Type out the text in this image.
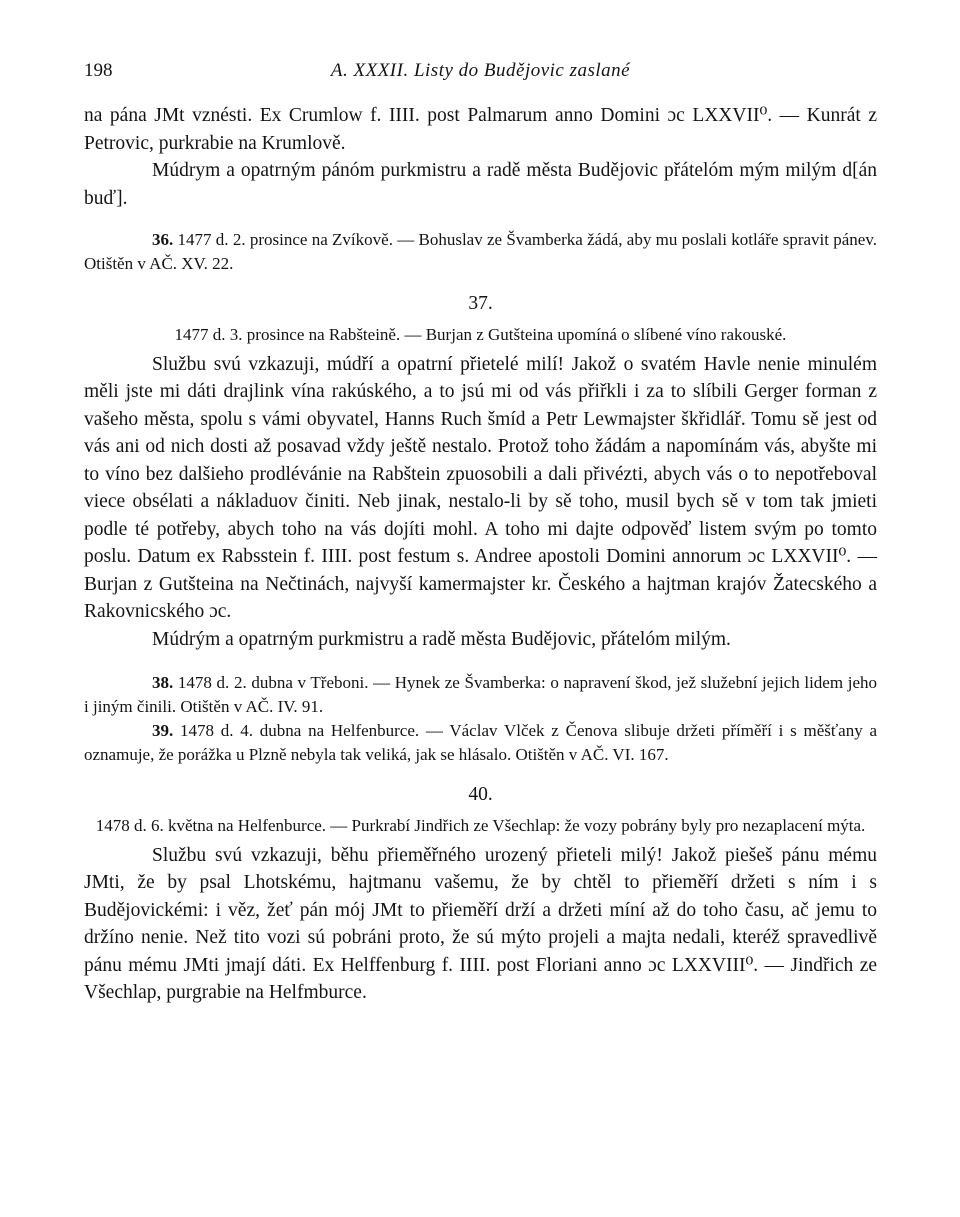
198	A. XXXII. Listy do Budějovic zaslané

na pána JMt vznésti. Ex Crumlow f. IIII. post Palmarum anno Domini ɔc LXXVII⁰. — Kunrát z Petrovic, purkrabie na Krumlově.

Múdrym a opatrným pánóm purkmistru a radě města Budějovic přátelóm mým milým d[án buď].

36. 1477 d. 2. prosince na Zvíkově. — Bohuslav ze Švamberka žádá, aby mu poslali kotláře spravit pánev. Otištěn v AČ. XV. 22.

37.

1477 d. 3. prosince na Rabšteině. — Burjan z Gutšteina upomíná o slíbené víno rakouské.

Službu svú vzkazuji, múdří a opatrní přietelé milí! Jakož o svatém Havle nenie minulém měli jste mi dáti drajlink vína rakúského, a to jsú mi od vás přiřkli i za to slíbili Gerger forman z vašeho města, spolu s vámi obyvatel, Hanns Ruch šmíd a Petr Lewmajster škřidlář. Tomu sě jest od vás ani od nich dosti až posavad vždy ještě nestalo. Protož toho žádám a napomínám vás, abyšte mi to víno bez dalšieho prodlévánie na Rabštein zpuosobili a dali přivézti, abych vás o to nepotřeboval viece obsélati a nákladuov činiti. Neb jinak, nestalo-li by sě toho, musil bych sě v tom tak jmieti podle té potřeby, abych toho na vás dojíti mohl. A toho mi dajte odpověď listem svým po tomto poslu. Datum ex Rabsstein f. IIII. post festum s. Andree apostoli Domini annorum ɔc LXXVII⁰. — Burjan z Gutšteina na Nečtinách, najvyší kamermajster kr. Českého a hajtman krajóv Žatecského a Rakovnicského ɔc.

Múdrým a opatrným purkmistru a radě města Budějovic, přátelóm milým.

38. 1478 d. 2. dubna v Třeboni. — Hynek ze Švamberka: o napravení škod, jež služební jejich lidem jeho i jiným činili. Otištěn v AČ. IV. 91.

39. 1478 d. 4. dubna na Helfenburce. — Václav Vlček z Čenova slibuje držeti příměří i s měšťany a oznamuje, že porážka u Plzně nebyla tak veliká, jak se hlásalo. Otištěn v AČ. VI. 167.

40.

1478 d. 6. května na Helfenburce. — Purkrabí Jindřich ze Všechlap: že vozy pobrány byly pro nezaplacení mýta.

Službu svú vzkazuji, běhu přieměřného urozený přieteli milý! Jakož piešeš pánu mému JMti, že by psal Lhotskému, hajtmanu vašemu, že by chtěl to přieměří držeti s ním i s Budějovickémi: i věz, žeť pán mój JMt to přieměří drží a držeti míní až do toho času, ač jemu to držíno nenie. Než tito vozi sú pobráni proto, že sú mýto projeli a majta nedali, kteréž spravedlivě pánu mému JMti jmají dáti. Ex Helffenburg f. IIII. post Floriani anno ɔc LXXVIII⁰. — Jindřich ze Všechlap, purgrabie na Helfmburce.
